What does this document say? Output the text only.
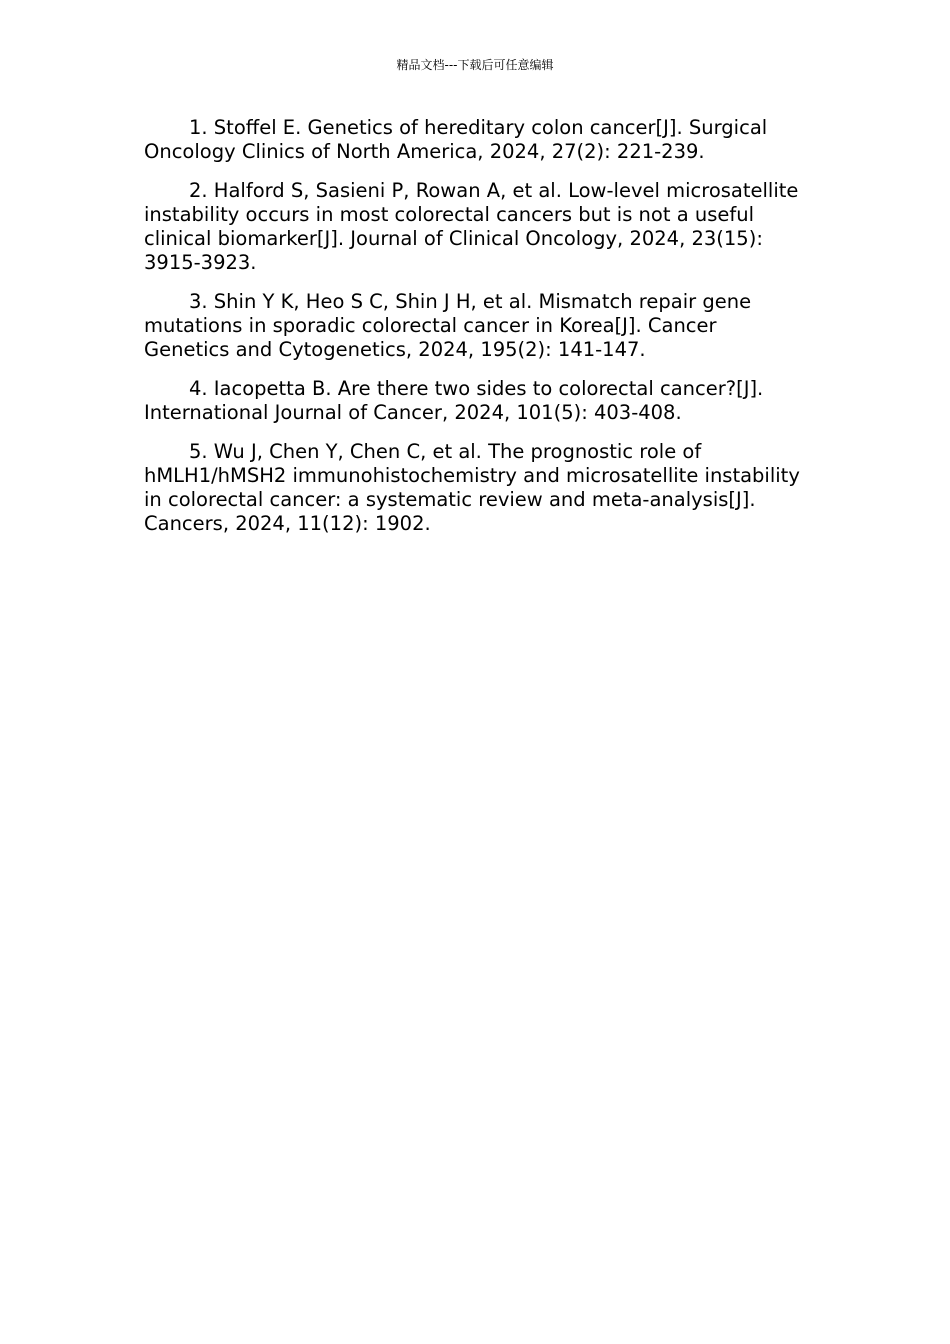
精品文档---下载后可任意编辑

1. Stoffel E. Genetics of hereditary colon cancer[J]. Surgical Oncology Clinics of North America, 2024, 27(2): 221-239.

2. Halford S, Sasieni P, Rowan A, et al. Low-level microsatellite instability occurs in most colorectal cancers but is not a useful clinical biomarker[J]. Journal of Clinical Oncology, 2024, 23(15): 3915-3923.

3. Shin Y K, Heo S C, Shin J H, et al. Mismatch repair gene mutations in sporadic colorectal cancer in Korea[J]. Cancer Genetics and Cytogenetics, 2024, 195(2): 141-147.

4. Iacopetta B. Are there two sides to colorectal cancer?[J]. International Journal of Cancer, 2024, 101(5): 403-408.

5. Wu J, Chen Y, Chen C, et al. The prognostic role of hMLH1/hMSH2 immunohistochemistry and microsatellite instability in colorectal cancer: a systematic review and meta-analysis[J]. Cancers, 2024, 11(12): 1902.
